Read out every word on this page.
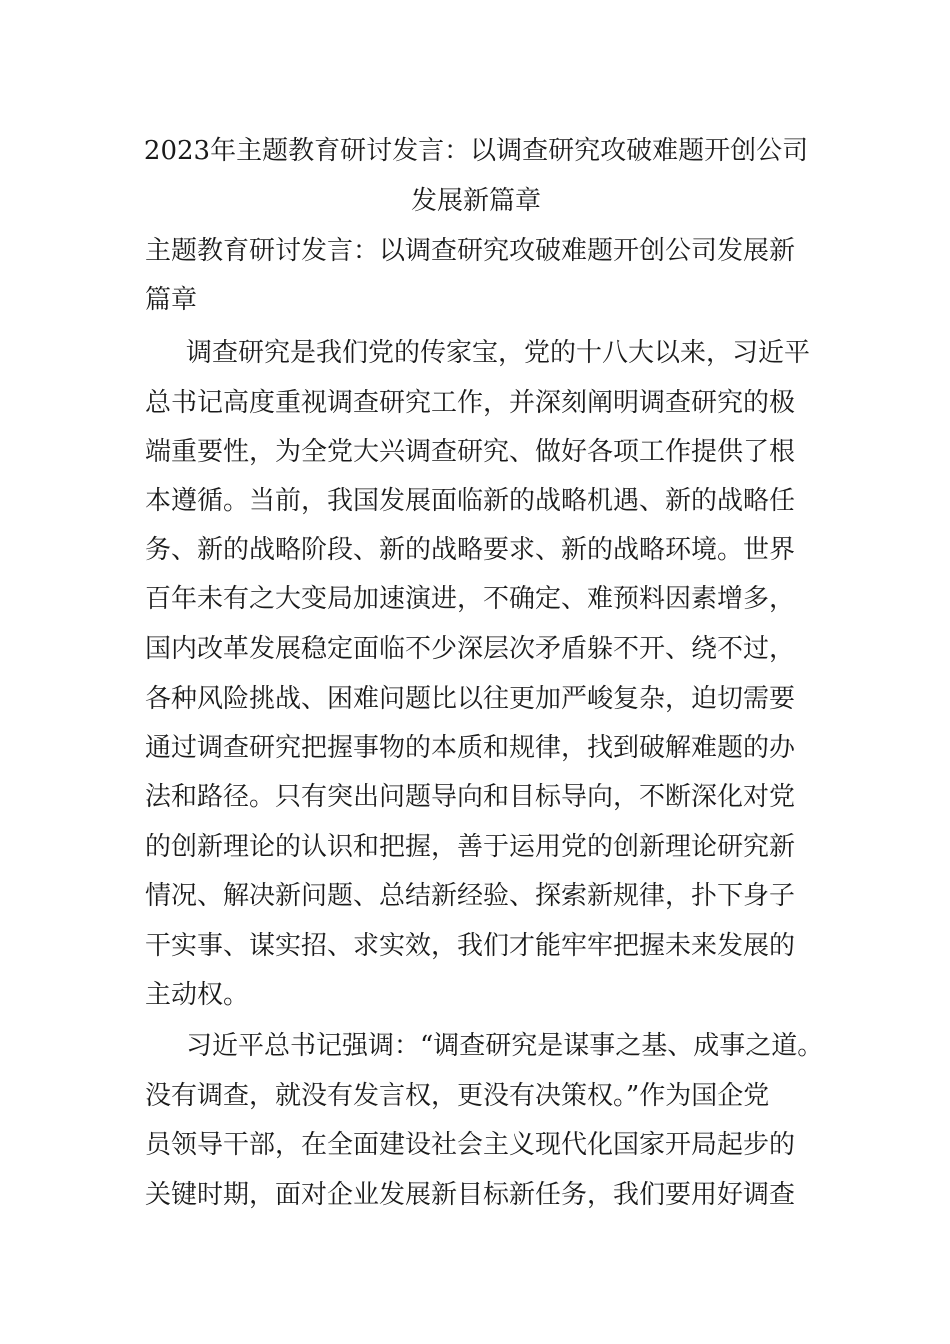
2023年主题教育研讨发言：以调查研究攻破难题开创公司
发展新篇章
主题教育研讨发言：以调查研究攻破难题开创公司发展新
篇章
调查研究是我们党的传家宝，党的十八大以来，习近平
总书记高度重视调查研究工作，并深刻阐明调查研究的极
端重要性，为全党大兴调查研究、做好各项工作提供了根
本遵循。当前，我国发展面临新的战略机遇、新的战略任
务、新的战略阶段、新的战略要求、新的战略环境。世界
百年未有之大变局加速演进，不确定、难预料因素增多，
国内改革发展稳定面临不少深层次矛盾躲不开、绕不过，
各种风险挑战、困难问题比以往更加严峻复杂，迫切需要
通过调查研究把握事物的本质和规律，找到破解难题的办
法和路径。只有突出问题导向和目标导向，不断深化对党
的创新理论的认识和把握，善于运用党的创新理论研究新
情况、解决新问题、总结新经验、探索新规律，扑下身子
干实事、谋实招、求实效，我们才能牢牢把握未来发展的
主动权。
习近平总书记强调：“调查研究是谋事之基、成事之道。
没有调查，就没有发言权，更没有决策权。”作为国企党
员领导干部，在全面建设社会主义现代化国家开局起步的
关键时期，面对企业发展新目标新任务，我们要用好调查
